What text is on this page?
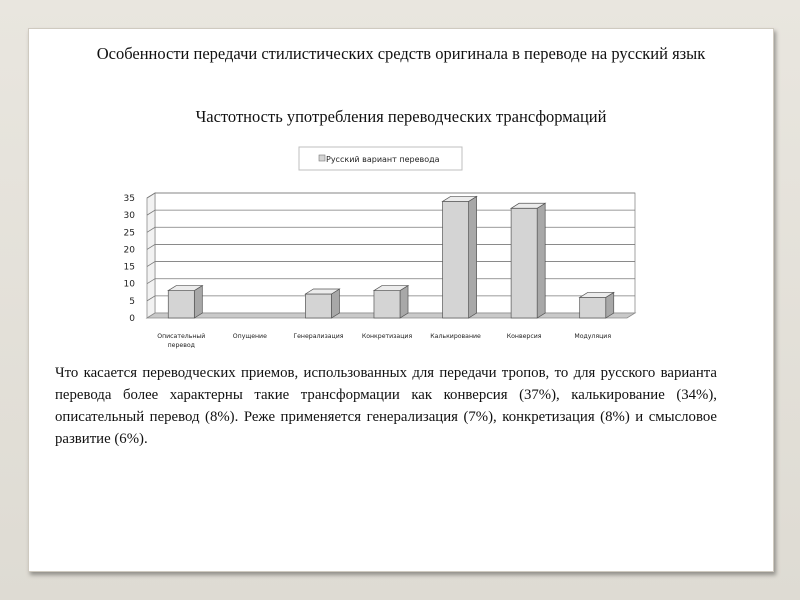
Особенности передачи стилистических средств оригинала в переводе на русский язык
Частотность употребления переводческих трансформаций
Русский вариант перевода
0
5
10
15
20
25
30
35
Описательный
перевод
Опущение	Генерализация	Конкретизация	Калькирование	Конверсия	Модуляция
Что касается переводческих приемов, использованных для передачи тропов, то для русского варианта перевода более характерны такие трансформации как конверсия (37%), калькирование (34%), описательный перевод (8%). Реже применяется генерализация (7%), конкретизация (8%) и смысловое развитие (6%).
